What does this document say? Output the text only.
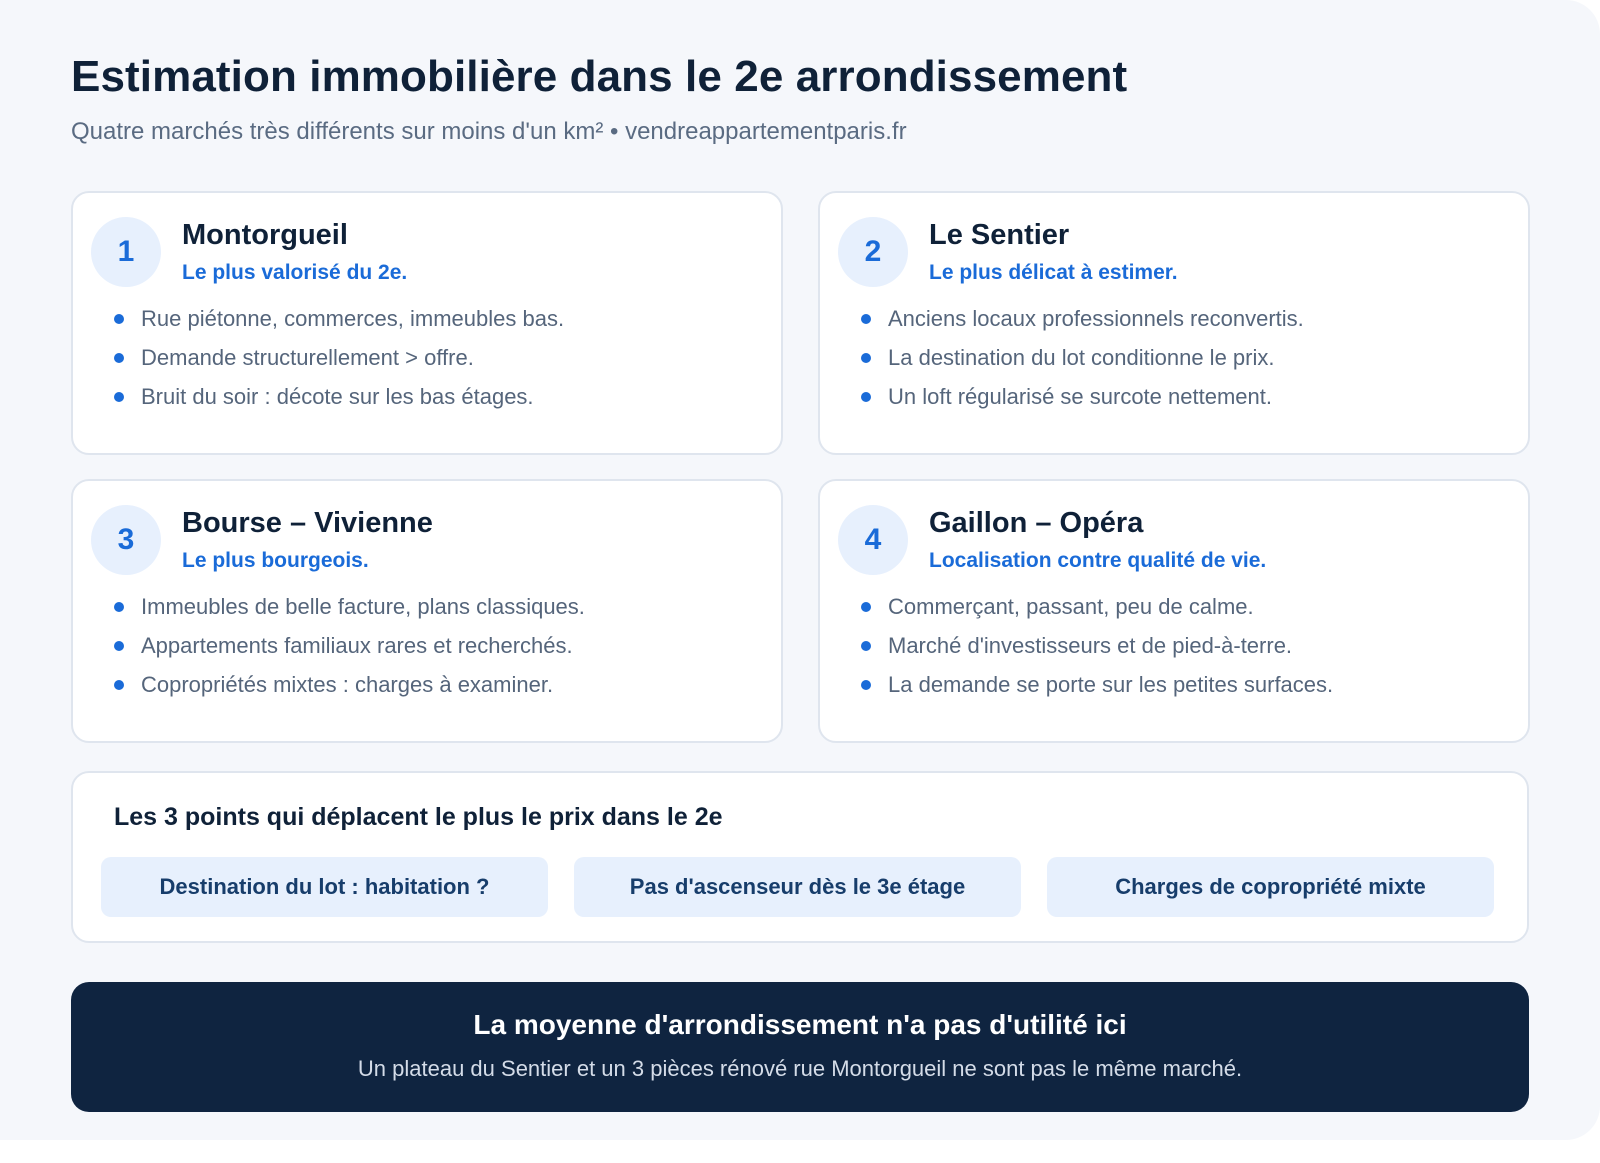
Estimation immobilière dans le 2e arrondissement
Quatre marchés très différents sur moins d'un km² • vendreappartementparis.fr
1	Montorgueil
Le plus valorisé du 2e.
Rue piétonne, commerces, immeubles bas.
Demande structurellement > offre.
Bruit du soir : décote sur les bas étages.
2	Le Sentier
Le plus délicat à estimer.
Anciens locaux professionnels reconvertis.
La destination du lot conditionne le prix.
Un loft régularisé se surcote nettement.
3	Bourse – Vivienne
Le plus bourgeois.
Immeubles de belle facture, plans classiques.
Appartements familiaux rares et recherchés.
Copropriétés mixtes : charges à examiner.
4	Gaillon – Opéra
Localisation contre qualité de vie.
Commerçant, passant, peu de calme.
Marché d'investisseurs et de pied-à-terre.
La demande se porte sur les petites surfaces.
Les 3 points qui déplacent le plus le prix dans le 2e
Destination du lot : habitation ?	Pas d'ascenseur dès le 3e étage	Charges de copropriété mixte
La moyenne d'arrondissement n'a pas d'utilité ici
Un plateau du Sentier et un 3 pièces rénové rue Montorgueil ne sont pas le même marché.
